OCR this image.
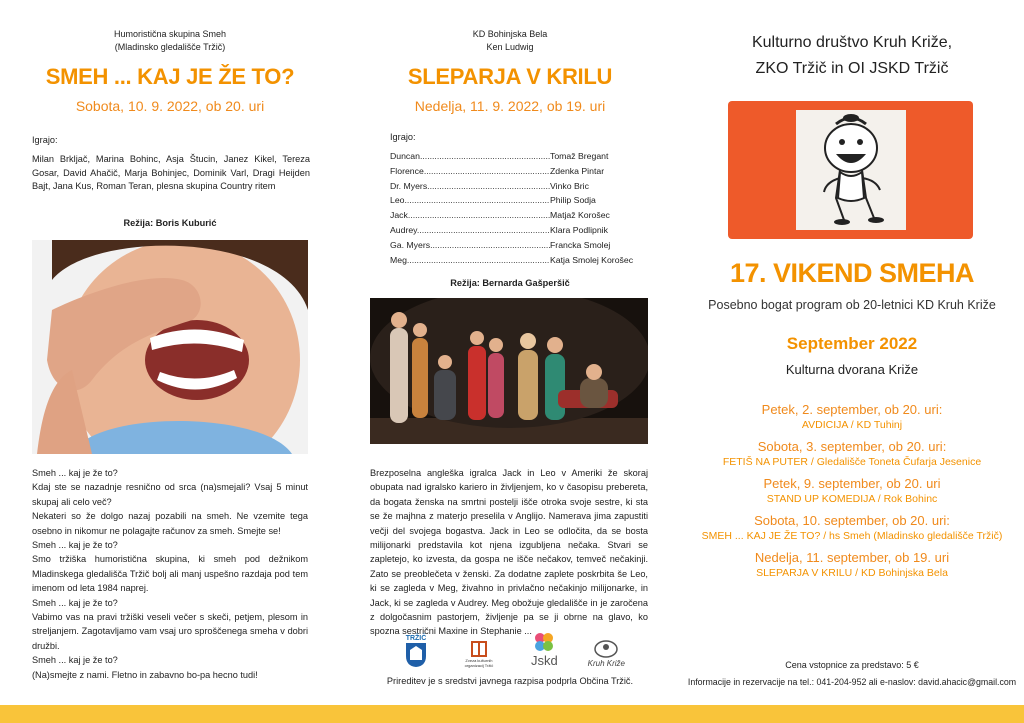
Humoristična skupina Smeh
(Mladinsko gledališče Tržič)
SMEH ... KAJ JE ŽE TO?
Sobota, 10. 9. 2022, ob 20. uri
Igrajo:
Milan Brkljač, Marina Bohinc, Asja Štucin, Janez Kikel, Tereza Gosar, David Ahačič, Marja Bohinjec, Dominik Varl, Dragi Heijden Bajt, Jana Kus, Roman Teran, plesna skupina Country ritem
Režija: Boris Kuburić
Smeh ... kaj je že to?
Kdaj ste se nazadnje resnično od srca (na)smejali? Vsaj 5 minut skupaj ali celo več?
Nekateri so že dolgo nazaj pozabili na smeh. Ne vzemite tega osebno in nikomur ne polagajte računov za smeh. Smejte se!
Smeh ... kaj je že to?
Smo tržiška humoristična skupina, ki smeh pod dežnikom Mladinskega gledališča Tržič bolj ali manj uspešno razdaja pod tem imenom od leta 1984 naprej.
Smeh ... kaj je že to?
Vabimo vas na pravi tržiški veseli večer s skeči, petjem, plesom in streljanjem. Zagotavljamo vam vsaj uro sproščenega smeha v dobri družbi.
Smeh ... kaj je že to?
(Na)smejte z nami. Fletno in zabavno bo-pa hecno tudi!
KD Bohinjska Bela
Ken Ludwig
SLEPARJA V KRILU
Nedelja, 11. 9. 2022, ob 19. uri
Igrajo:
Duncan .....	Tomaž Bregant
Florence .....	Zdenka Pintar
Dr. Myers .....	Vinko Bric
Leo .....	Philip Sodja
Jack .....	Matjaž Korošec
Audrey .....	Klara Podlipnik
Ga. Myers .....	Francka Smolej
Meg .....	Katja Smolej Korošec
Režija: Bernarda Gašperšič
Brezposelna angleška igralca Jack in Leo v Ameriki že skoraj obupata nad igralsko kariero in življenjem, ko v časopisu prebereta, da bogata ženska na smrtni postelji išče otroka svoje sestre, ki sta se že majhna z materjo preselila v Anglijo. Namerava jima zapustiti večji del svojega bogastva. Jack in Leo se odločita, da se bosta milijonarki predstavila kot njena izgubljena nečaka. Stvari se zapletejo, ko izvesta, da gospa ne išče nečakov, temveč nečakinji. Zato se preoblečeta v ženski. Za dodatne zaplete poskrbita še Leo, ki se zagleda v Meg, živahno in privlačno nečakinjo milijonarke, in Jack, ki se zagleda v Audrey. Meg obožuje gledališče in je zaročena z dolgočasnim pastorjem, življenje pa se ji obrne na glavo, ko spozna sestrični Maxine in Stephanie ...
TRŽIČ
Zveza kulturnih organizacij Tržič	Jskd	Kruh Križe
Prireditev je s sredstvi javnega razpisa podprla Občina Tržič.
Kulturno društvo Kruh Križe,
ZKO Tržič in OI JSKD Tržič
17. VIKEND SMEHA
Posebno bogat program ob 20-letnici KD Kruh Križe
September 2022
Kulturna dvorana Križe
Petek, 2. september, ob 20. uri:
AVDICIJA / KD Tuhinj
Sobota, 3. september, ob 20. uri:
FETIŠ NA PUTER / Gledališče Toneta Čufarja Jesenice
Petek, 9. september, ob 20. uri
STAND UP KOMEDIJA / Rok Bohinc
Sobota, 10. september, ob 20. uri:
SMEH ... KAJ JE ŽE TO? / hs Smeh (Mladinsko gledališče Tržič)
Nedelja, 11. september, ob 19. uri
SLEPARJA V KRILU / KD Bohinjska Bela
Cena vstopnice za predstavo: 5 €
Informacije in rezervacije na tel.: 041-204-952 ali e-naslov: david.ahacic@gmail.com
